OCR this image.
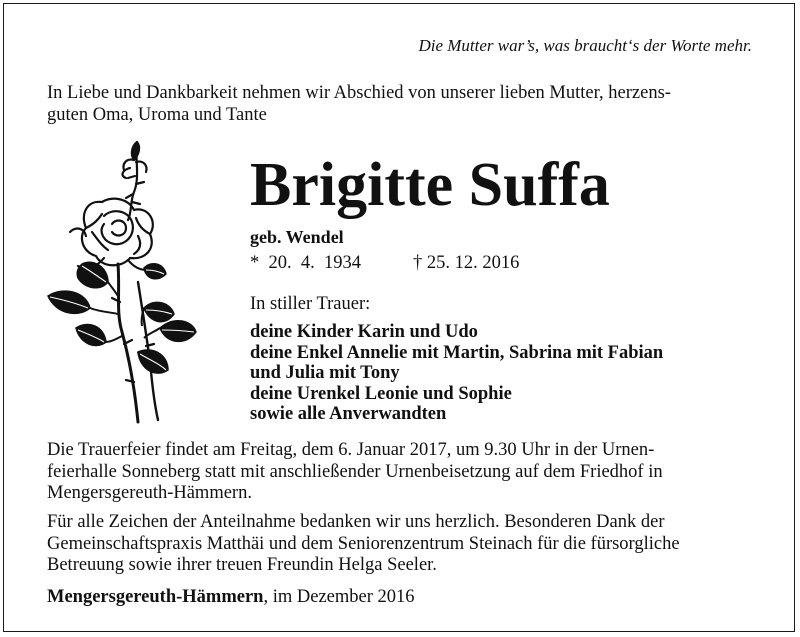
Die Mutter war’s, was braucht‘s der Worte mehr.
In Liebe und Dankbarkeit nehmen wir Abschied von unserer lieben Mutter, herzens-
guten Oma, Uroma und Tante
Brigitte Suffa
geb. Wendel
*  20.  4.  1934	† 25. 12. 2016
In stiller Trauer:
deine Kinder Karin und Udo
deine Enkel Annelie mit Martin, Sabrina mit Fabian
und Julia mit Tony
deine Urenkel Leonie und Sophie
sowie alle Anverwandten
Die Trauerfeier findet am Freitag, dem 6. Januar 2017, um 9.30 Uhr in der Urnen-
feierhalle Sonneberg statt mit anschließender Urnenbeisetzung auf dem Friedhof in
Mengersgereuth-Hämmern.
Für alle Zeichen der Anteilnahme bedanken wir uns herzlich. Besonderen Dank der
Gemeinschaftspraxis Matthäi und dem Seniorenzentrum Steinach für die fürsorgliche
Betreuung sowie ihrer treuen Freundin Helga Seeler.
Mengersgereuth-Hämmern, im Dezember 2016
